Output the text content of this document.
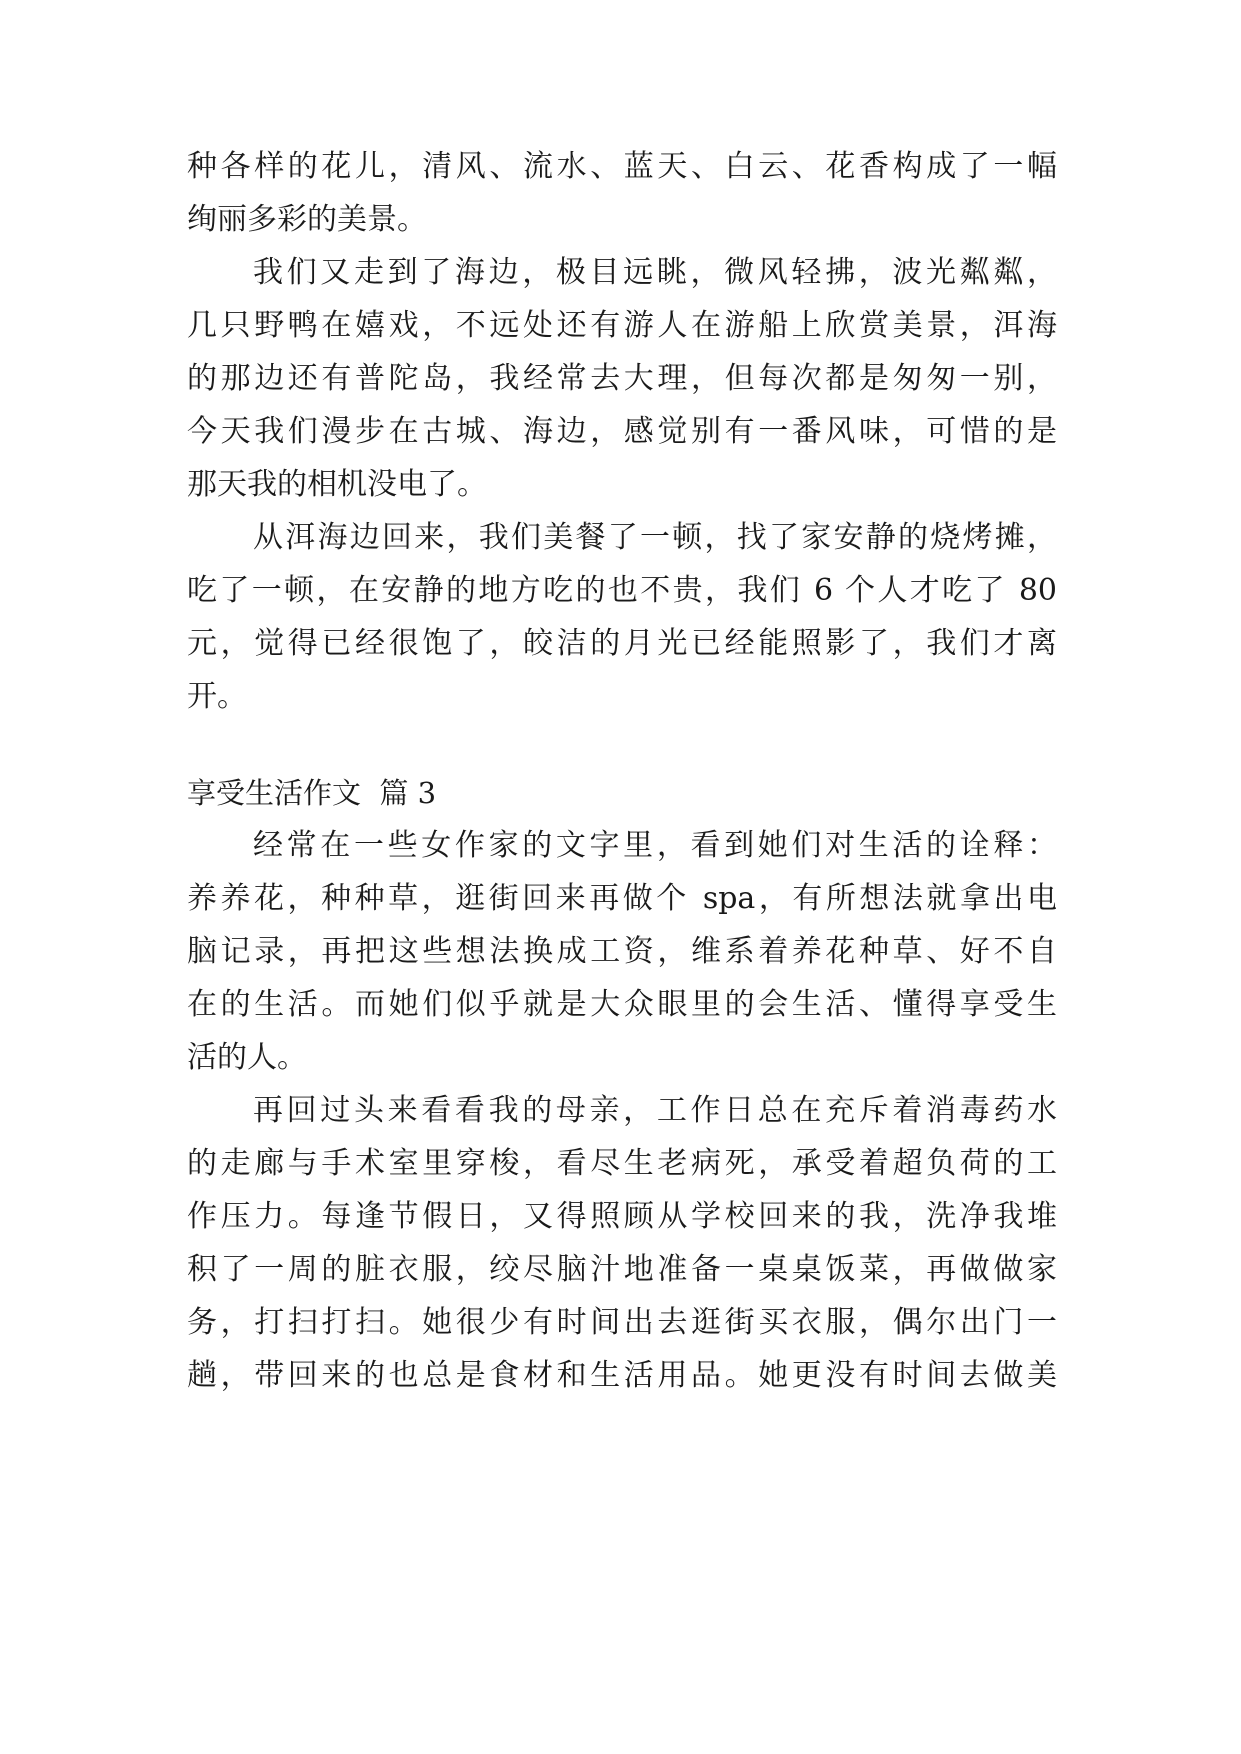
种各样的花儿，清风、流水、蓝天、白云、花香构成了一幅
绚丽多彩的美景。
我们又走到了海边，极目远眺，微风轻拂，波光粼粼，
几只野鸭在嬉戏，不远处还有游人在游船上欣赏美景，洱海
的那边还有普陀岛，我经常去大理，但每次都是匆匆一别，
今天我们漫步在古城、海边，感觉别有一番风味，可惜的是
那天我的相机没电了。
从洱海边回来，我们美餐了一顿，找了家安静的烧烤摊，
吃了一顿，在安静的地方吃的也不贵，我们 6 个人才吃了 80
元，觉得已经很饱了，皎洁的月光已经能照影了，我们才离
开。
享受生活作文  篇 3
经常在一些女作家的文字里，看到她们对生活的诠释：
养养花，种种草，逛街回来再做个 spa，有所想法就拿出电
脑记录，再把这些想法换成工资，维系着养花种草、好不自
在的生活。而她们似乎就是大众眼里的会生活、懂得享受生
活的人。
再回过头来看看我的母亲，工作日总在充斥着消毒药水
的走廊与手术室里穿梭，看尽生老病死，承受着超负荷的工
作压力。每逢节假日，又得照顾从学校回来的我，洗净我堆
积了一周的脏衣服，绞尽脑汁地准备一桌桌饭菜，再做做家
务，打扫打扫。她很少有时间出去逛街买衣服，偶尔出门一
趟，带回来的也总是食材和生活用品。她更没有时间去做美
